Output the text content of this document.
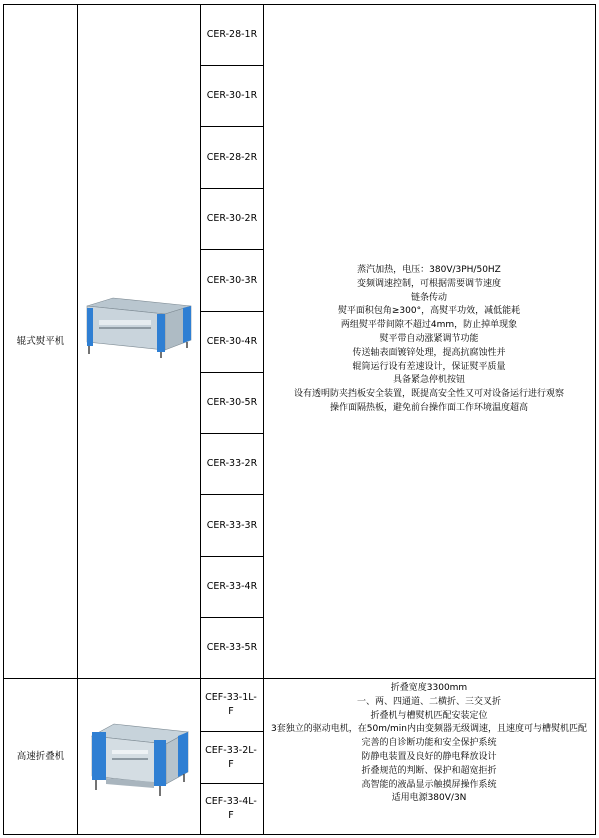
辊式熨平机
CER-28-1R
CER-30-1R
CER-28-2R
CER-30-2R
CER-30-3R
CER-30-4R
CER-30-5R
CER-33-2R
CER-33-3R
CER-33-4R
CER-33-5R
蒸汽加热，电压：380V/3PH/50HZ
变频调速控制，可根据需要调节速度
链条传动
熨平面积包角≥300°，高熨平功效，减低能耗
两组熨平带间隙不超过4mm，防止掉单现象
熨平带自动涨紧调节功能
传送轴表面镀锌处理，提高抗腐蚀性并
辊筒运行设有差速设计，保证熨平质量
具备紧急停机按钮
设有透明防夹挡板安全装置，既提高安全性又可对设备运行进行观察
操作面隔热板，避免前台操作面工作环境温度超高
高速折叠机
CEF-33-1L-F
CEF-33-2L-F
CEF-33-4L-F
折叠宽度3300mm
一、两、四通道、二横折、三交叉折
折叠机与槽熨机匹配安装定位
3套独立的驱动电机，在50m/min内由变频器无级调速，且速度可与槽熨机匹配
完善的自诊断功能和安全保护系统
防静电装置及良好的静电释放设计
折叠规范的判断、保护和超宽拒折
高智能的液晶显示触摸屏操作系统
适用电源380V/3N
